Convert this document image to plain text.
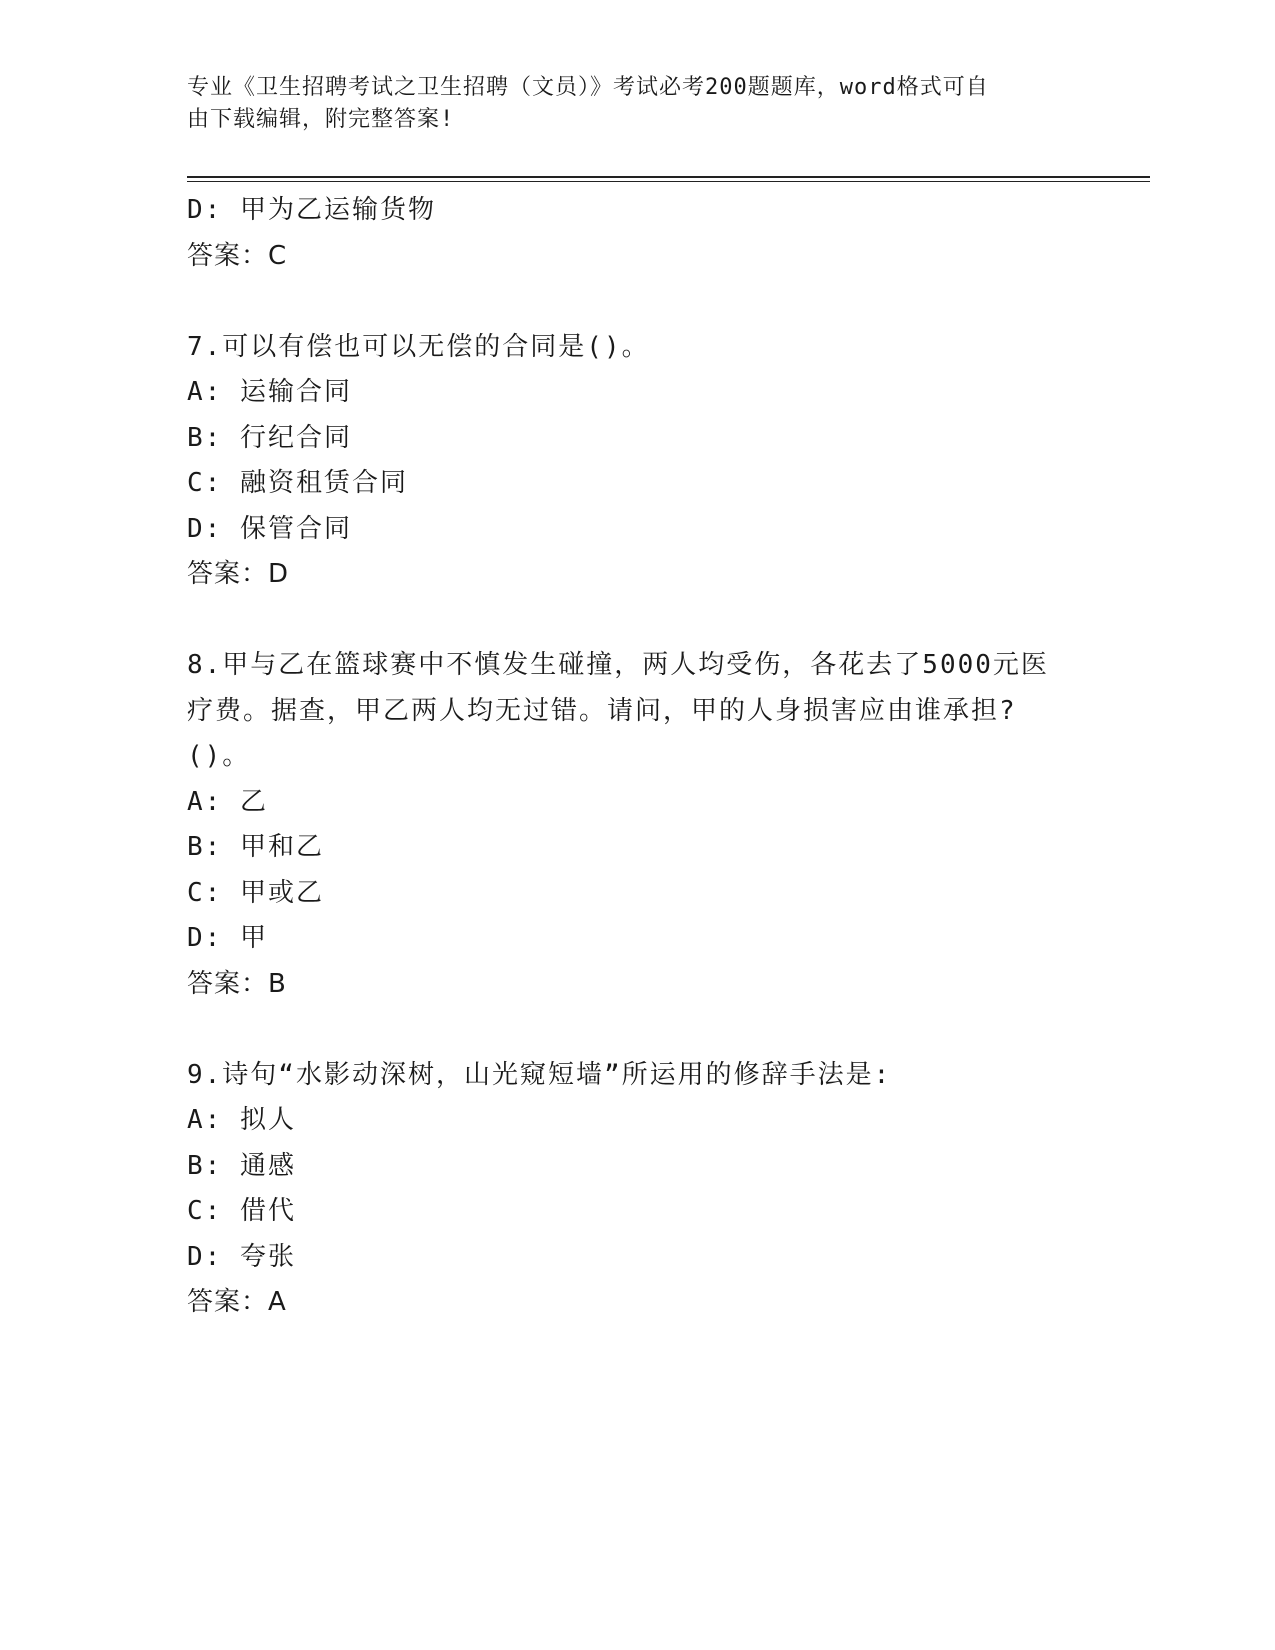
专业《卫生招聘考试之卫生招聘（文员）》考试必考200题题库，word格式可自
由下载编辑，附完整答案!
D: 甲为乙运输货物
答案：C
7.可以有偿也可以无偿的合同是()。
A: 运输合同
B: 行纪合同
C: 融资租赁合同
D: 保管合同
答案：D
8.甲与乙在篮球赛中不慎发生碰撞，两人均受伤，各花去了5000元医
疗费。据查，甲乙两人均无过错。请问，甲的人身损害应由谁承担?
()。
A: 乙
B: 甲和乙
C: 甲或乙
D: 甲
答案：B
9.诗句“水影动深树，山光窥短墙”所运用的修辞手法是:
A: 拟人
B: 通感
C: 借代
D: 夸张
答案：A
